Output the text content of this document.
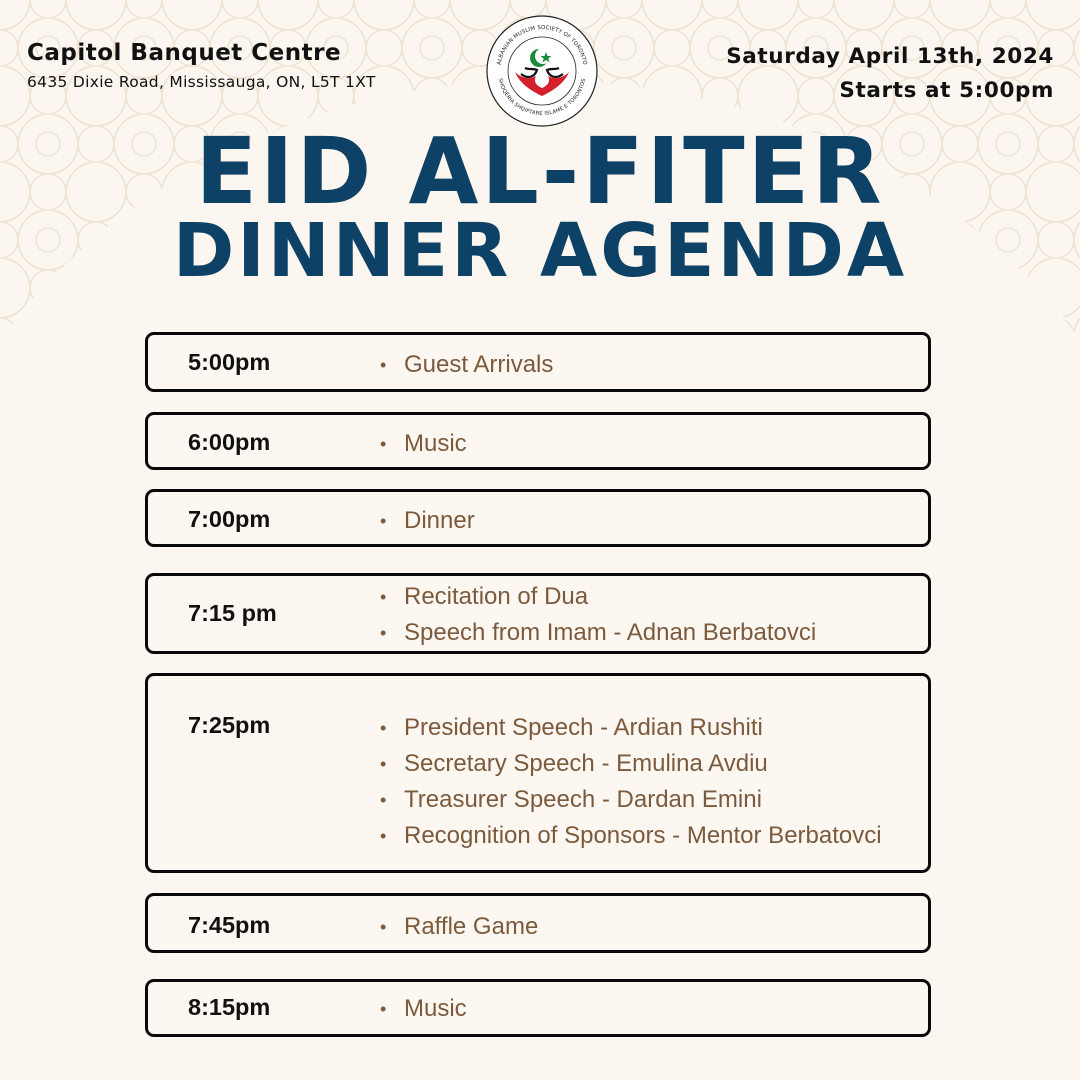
Capitol Banquet Centre
6435 Dixie Road, Mississauga, ON, L5T 1XT
Saturday April 13th, 2024
Starts at 5:00pm
ALBANIAN MUSLIM SOCIETY OF TORONTO
SHOQËRIA SHQIPTARE ISLAME E TORONTOS
EID AL-FITER
DINNER AGENDA
5:00pm	• Guest Arrivals
6:00pm	• Music
7:00pm	• Dinner
7:15 pm
• Recitation of Dua
• Speech from Imam - Adnan Berbatovci
7:25pm	• President Speech - Ardian Rushiti
• Secretary Speech - Emulina Avdiu
• Treasurer Speech - Dardan Emini
• Recognition of Sponsors - Mentor Berbatovci
7:45pm	• Raffle Game
8:15pm	• Music
